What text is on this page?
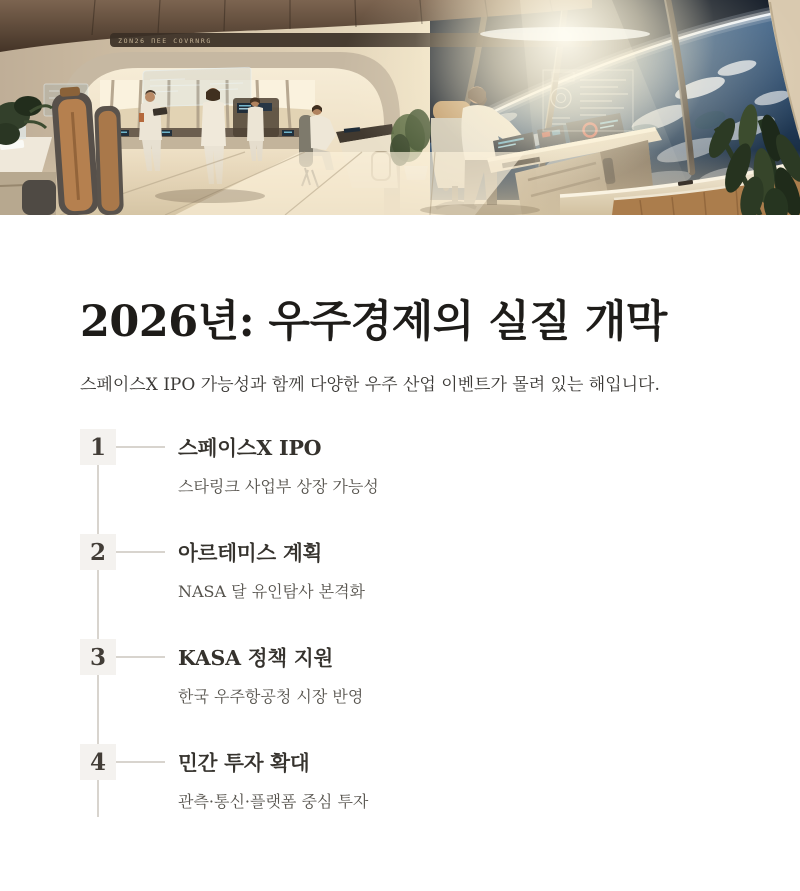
ZON26 ΠEE COVRNRG
2026년: 우주경제의 실질 개막

스페이스X IPO 가능성과 함께 다양한 우주 산업 이벤트가 몰려 있는 해입니다.

1	스페이스X IPO
스타링크 사업부 상장 가능성
2	아르테미스 계획
NASA 달 유인탐사 본격화
3	KASA 정책 지원
한국 우주항공청 시장 반영
4	민간 투자 확대
관측·통신·플랫폼 중심 투자
